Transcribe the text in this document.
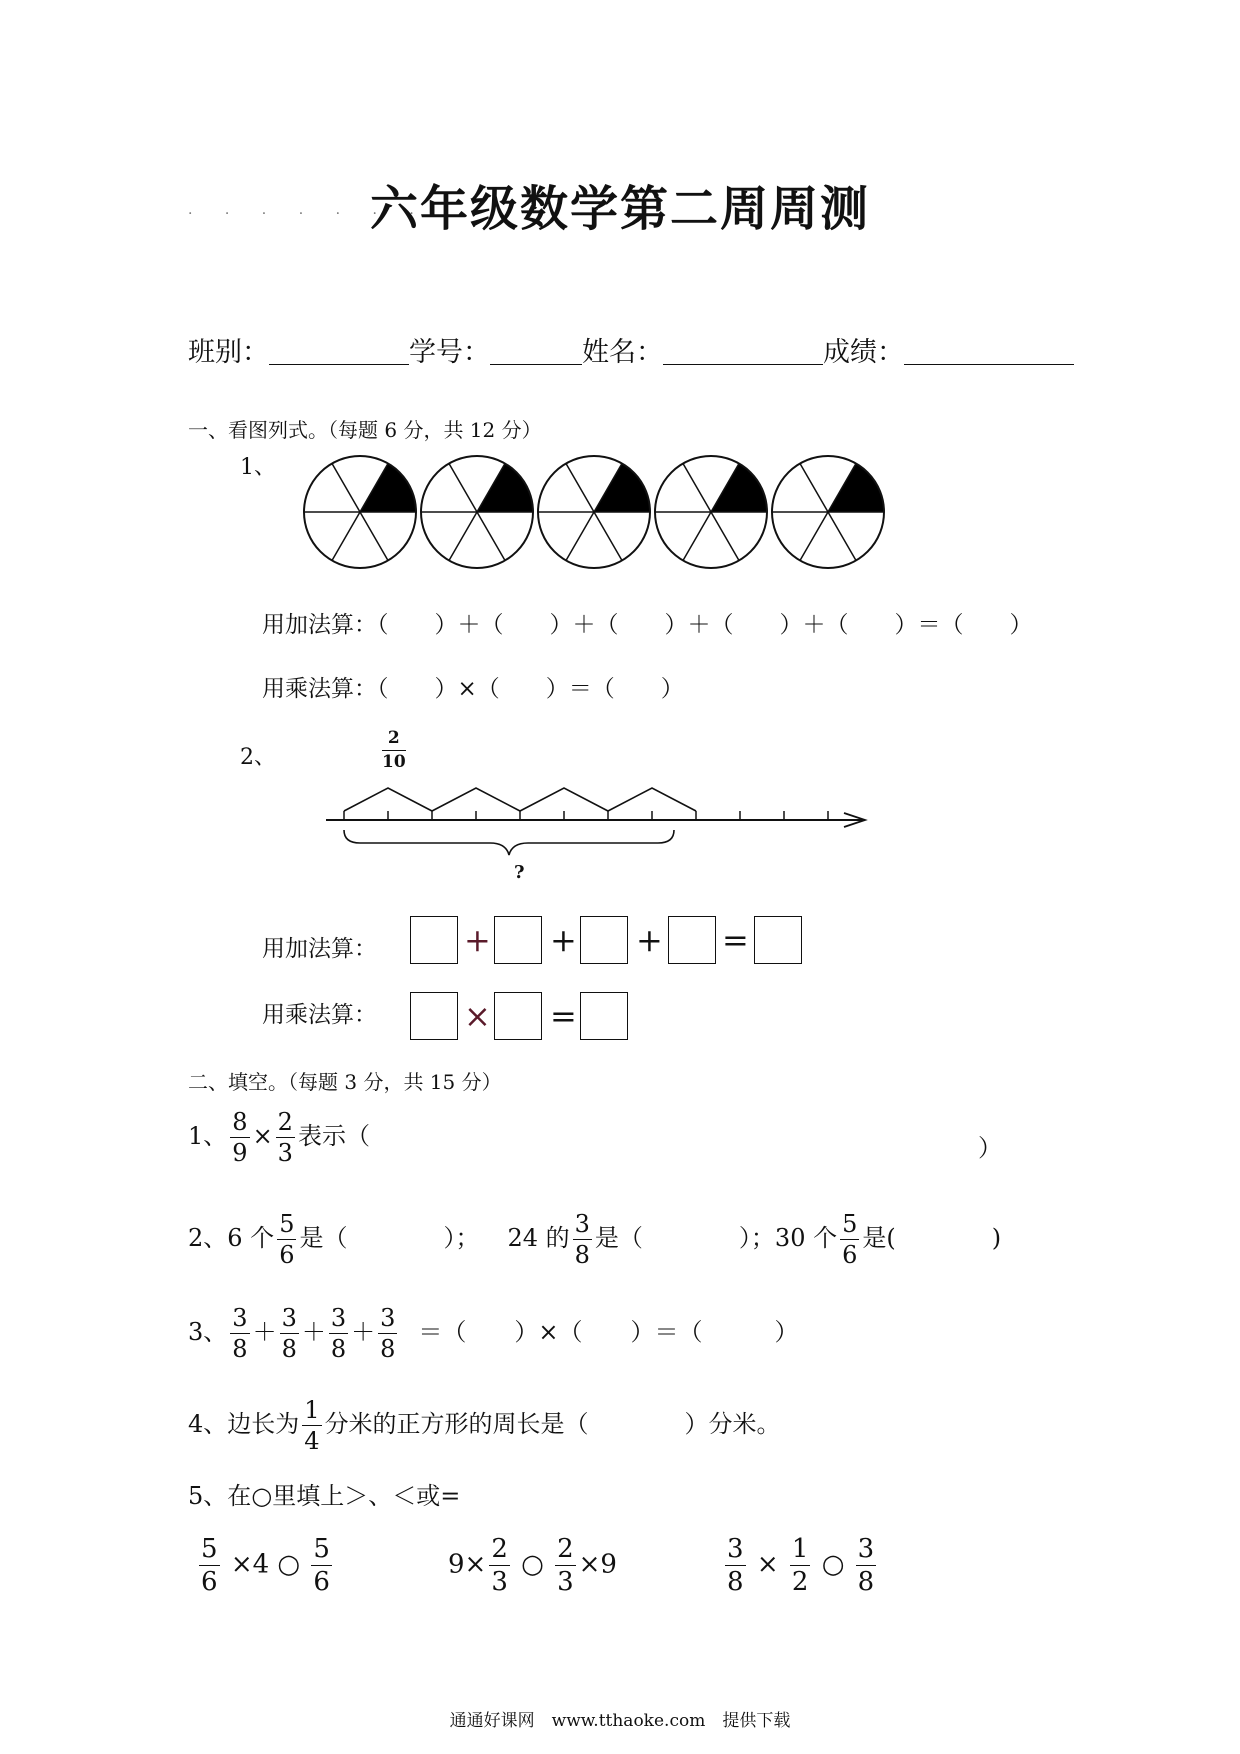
· · · · · · ·
六年级数学第二周周测
班别：	学号：	姓名：	成绩：
一、看图列式。（每题 6 分，共 12 分）
1、
用加法算：（　　）＋（　　）＋（　　）＋（　　）＋（　　）＝（　　）
用乘法算：（　　）×（　　）＝（　　）
2、	$\frac{2}{10}$
?
用加法算：	+ + + =
用乘法算：	× =
二、填空。（每题 3 分，共 15 分）
1、 $\frac{8}{9} \times \frac{2}{3}$ 表示（	）
2、6 个 $\frac{5}{6}$ 是（　　　　）； 24 的 $\frac{3}{8}$ 是（　　　　）；30 个 $\frac{5}{6}$ 是(　　　　)
3、 $\frac{3}{8} + \frac{3}{8} + \frac{3}{8} + \frac{3}{8}$ ＝（　　）×（　　）＝（　　　）
4、边长为 $\frac{1}{4}$ 分米的正方形的周长是（　　　　）分米。
5、在○里填上＞、＜或=
$\frac{5}{6} \times 4$ ○ $\frac{5}{6}$	$9\times \frac{2}{3}$ ○ $\frac{2}{3} \times 9$	$\frac{3}{8} \times \frac{1}{2}$ ○ $\frac{3}{8}$
通通好课网　www.tthaoke.com　提供下载
